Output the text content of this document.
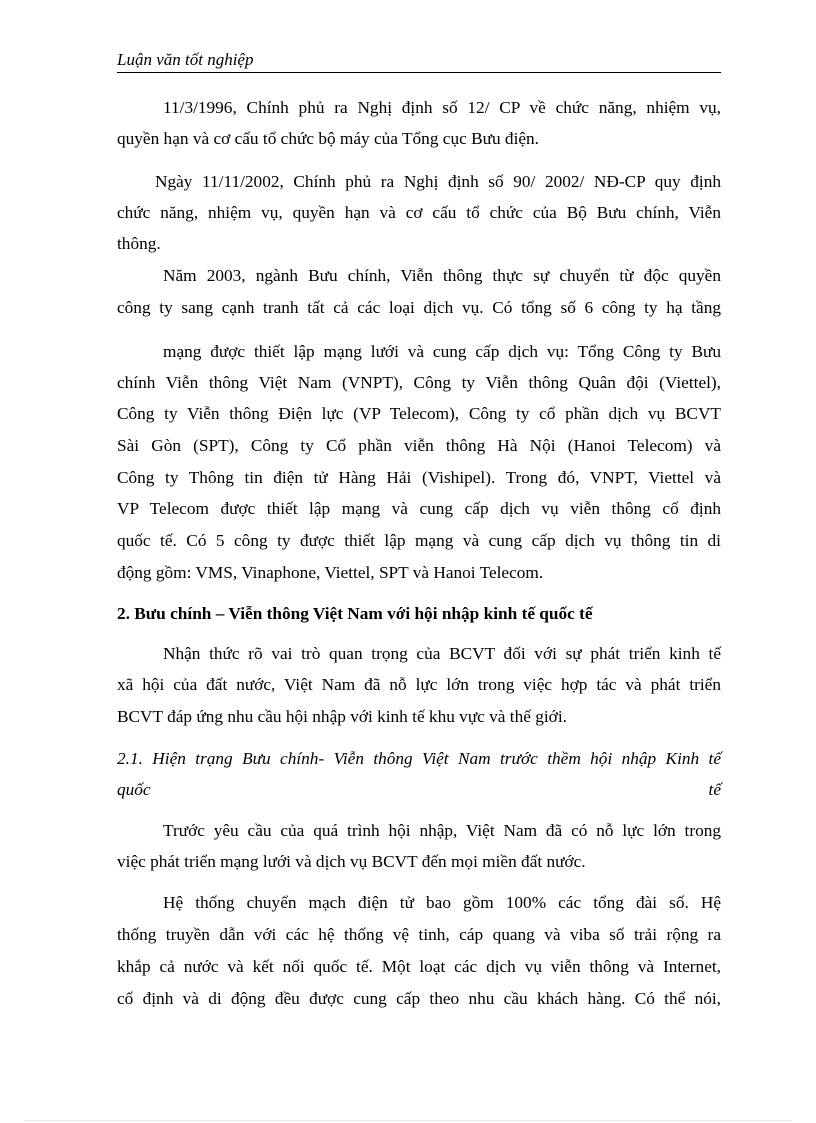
Luận văn tốt nghiệp
11/3/1996, Chính phủ ra Nghị định số 12/ CP về chức năng, nhiệm vụ,
quyền hạn và cơ cấu tổ chức bộ máy của Tổng cục Bưu điện.
Ngày 11/11/2002, Chính phủ ra Nghị định số 90/ 2002/ NĐ-CP quy định
chức năng, nhiệm vụ, quyền hạn và cơ cấu tổ chức của Bộ Bưu chính, Viễn
thông.
Năm 2003, ngành Bưu chính, Viễn thông thực sự chuyển từ độc quyền
công ty sang cạnh tranh tất cả các loại dịch vụ. Có tổng số 6 công ty hạ tầng
mạng được thiết lập mạng lưới và cung cấp dịch vụ: Tổng Công ty Bưu
chính Viễn thông Việt Nam (VNPT), Công ty Viễn thông Quân đội (Viettel),
Công ty Viễn thông Điện lực (VP Telecom), Công ty cổ phần dịch vụ BCVT
Sài Gòn (SPT), Công ty Cổ phần viễn thông Hà Nội (Hanoi Telecom) và
Công ty Thông tin điện tử Hàng Hải (Vishipel). Trong đó, VNPT, Viettel và
VP Telecom được thiết lập mạng và cung cấp dịch vụ viễn thông cố định
quốc tế. Có 5 công ty được thiết lập mạng và cung cấp dịch vụ thông tin di
động gồm: VMS, Vinaphone, Viettel, SPT và Hanoi Telecom.
2. Bưu chính – Viễn thông Việt Nam với hội nhập kinh tế quốc tế
Nhận thức rõ vai trò quan trọng của BCVT đối với sự phát triển kinh tế
xã hội của đất nước, Việt Nam đã nỗ lực lớn trong việc hợp tác và phát triển
BCVT đáp ứng nhu cầu hội nhập với kinh tế khu vực và thế giới.
2.1. Hiện trạng Bưu chính- Viễn thông Việt Nam trước thềm hội nhập Kinh tế
quốc	tế
Trước yêu cầu của quá trình hội nhập, Việt Nam đã có nỗ lực lớn trong
việc phát triển mạng lưới và dịch vụ BCVT đến mọi miền đất nước.
Hệ thống chuyển mạch điện tử bao gồm 100% các tổng đài số. Hệ
thống truyền dẫn với các hệ thống vệ tinh, cáp quang và viba số trải rộng ra
khắp cả nước và kết nối quốc tế. Một loạt các dịch vụ viễn thông và Internet,
cố định và di động đều được cung cấp theo nhu cầu khách hàng. Có thể nói,
